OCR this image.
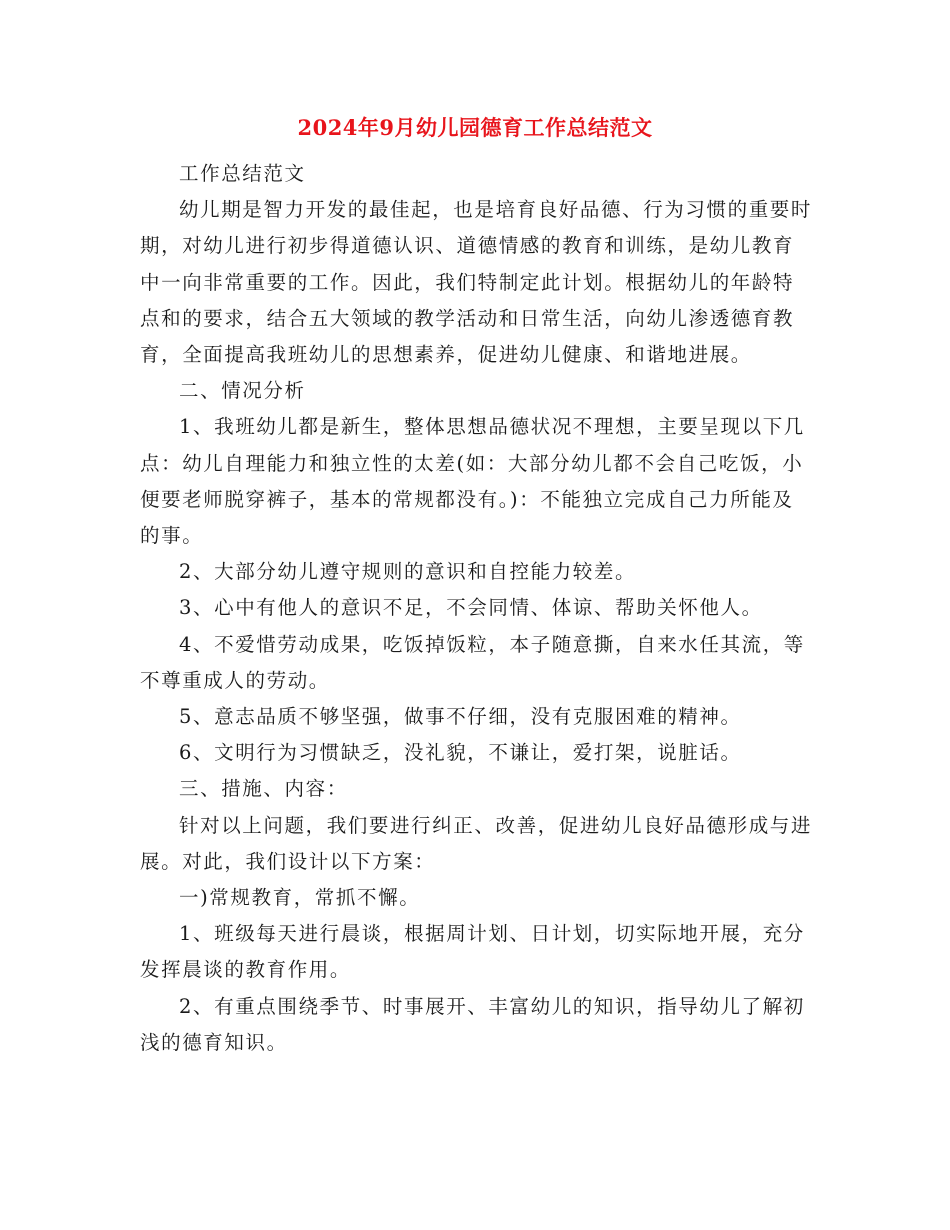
2024年9月幼儿园德育工作总结范文

工作总结范文

幼儿期是智力开发的最佳起，也是培育良好品德、行为习惯的重要时期，对幼儿进行初步得道德认识、道德情感的教育和训练，是幼儿教育中一向非常重要的工作。因此，我们特制定此计划。根据幼儿的年龄特点和的要求，结合五大领域的教学活动和日常生活，向幼儿渗透德育教育，全面提高我班幼儿的思想素养，促进幼儿健康、和谐地进展。

二、情况分析

1、我班幼儿都是新生，整体思想品德状况不理想，主要呈现以下几点：幼儿自理能力和独立性的太差(如：大部分幼儿都不会自己吃饭，小便要老师脱穿裤子，基本的常规都没有。)：不能独立完成自己力所能及的事。

2、大部分幼儿遵守规则的意识和自控能力较差。

3、心中有他人的意识不足，不会同情、体谅、帮助关怀他人。

4、不爱惜劳动成果，吃饭掉饭粒，本子随意撕，自来水任其流，等不尊重成人的劳动。

5、意志品质不够坚强，做事不仔细，没有克服困难的精神。

6、文明行为习惯缺乏，没礼貌，不谦让，爱打架，说脏话。

三、措施、内容：

针对以上问题，我们要进行纠正、改善，促进幼儿良好品德形成与进展。对此，我们设计以下方案：

一)常规教育，常抓不懈。

1、班级每天进行晨谈，根据周计划、日计划，切实际地开展，充分发挥晨谈的教育作用。

2、有重点围绕季节、时事展开、丰富幼儿的知识，指导幼儿了解初浅的德育知识。
